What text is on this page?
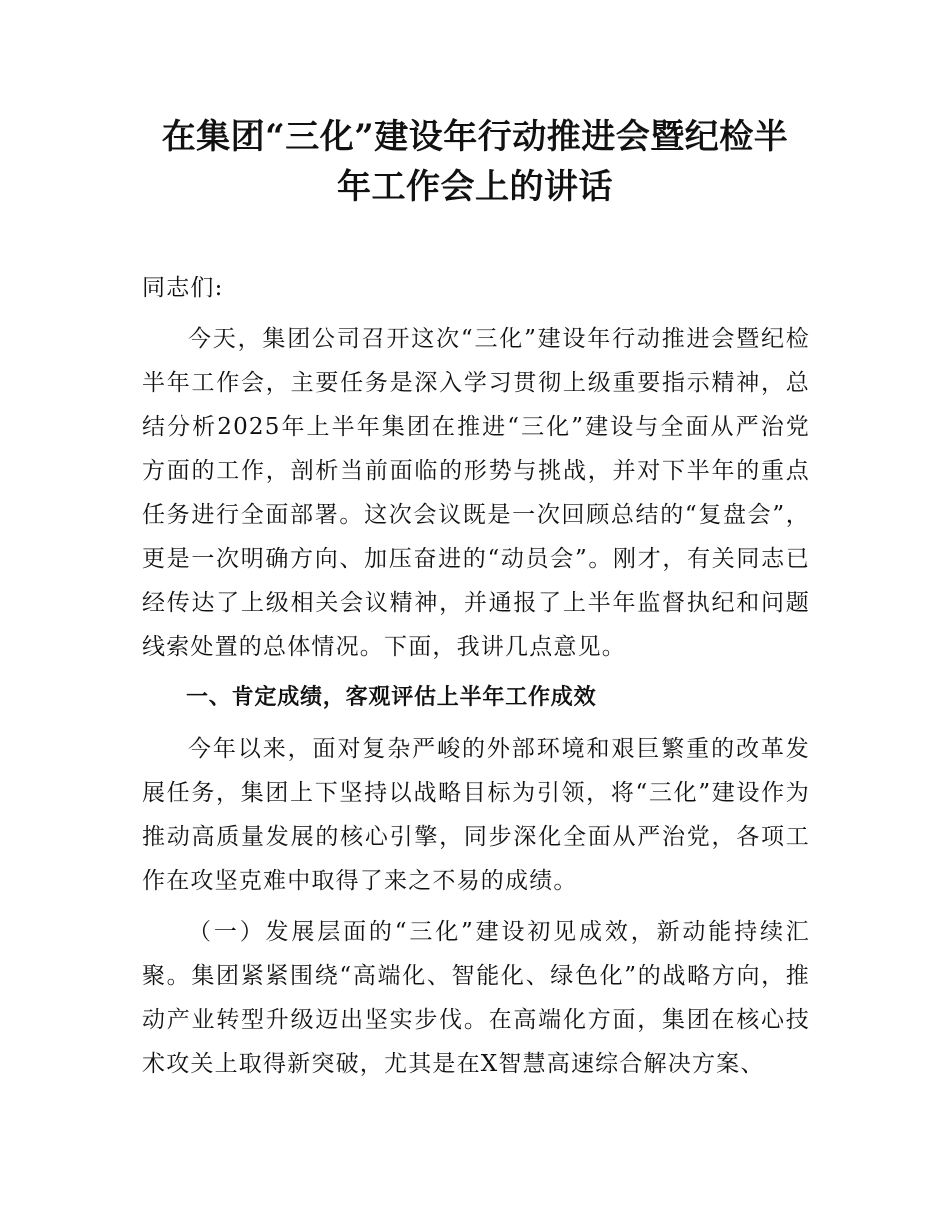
在集团“三化”建设年行动推进会暨纪检半
年工作会上的讲话

同志们:

今天，集团公司召开这次“三化”建设年行动推进会暨纪检半年工作会，主要任务是深入学习贯彻上级重要指示精神，总结分析2025年上半年集团在推进“三化”建设与全面从严治党方面的工作，剖析当前面临的形势与挑战，并对下半年的重点任务进行全面部署。这次会议既是一次回顾总结的“复盘会”，更是一次明确方向、加压奋进的“动员会”。刚才，有关同志已经传达了上级相关会议精神，并通报了上半年监督执纪和问题线索处置的总体情况。下面，我讲几点意见。

一、肯定成绩，客观评估上半年工作成效

今年以来，面对复杂严峻的外部环境和艰巨繁重的改革发展任务，集团上下坚持以战略目标为引领，将“三化”建设作为推动高质量发展的核心引擎，同步深化全面从严治党，各项工作在攻坚克难中取得了来之不易的成绩。

（一）发展层面的“三化”建设初见成效，新动能持续汇聚。集团紧紧围绕“高端化、智能化、绿色化”的战略方向，推动产业转型升级迈出坚实步伐。在高端化方面，集团在核心技术攻关上取得新突破，尤其是在X智慧高速综合解决方案、
